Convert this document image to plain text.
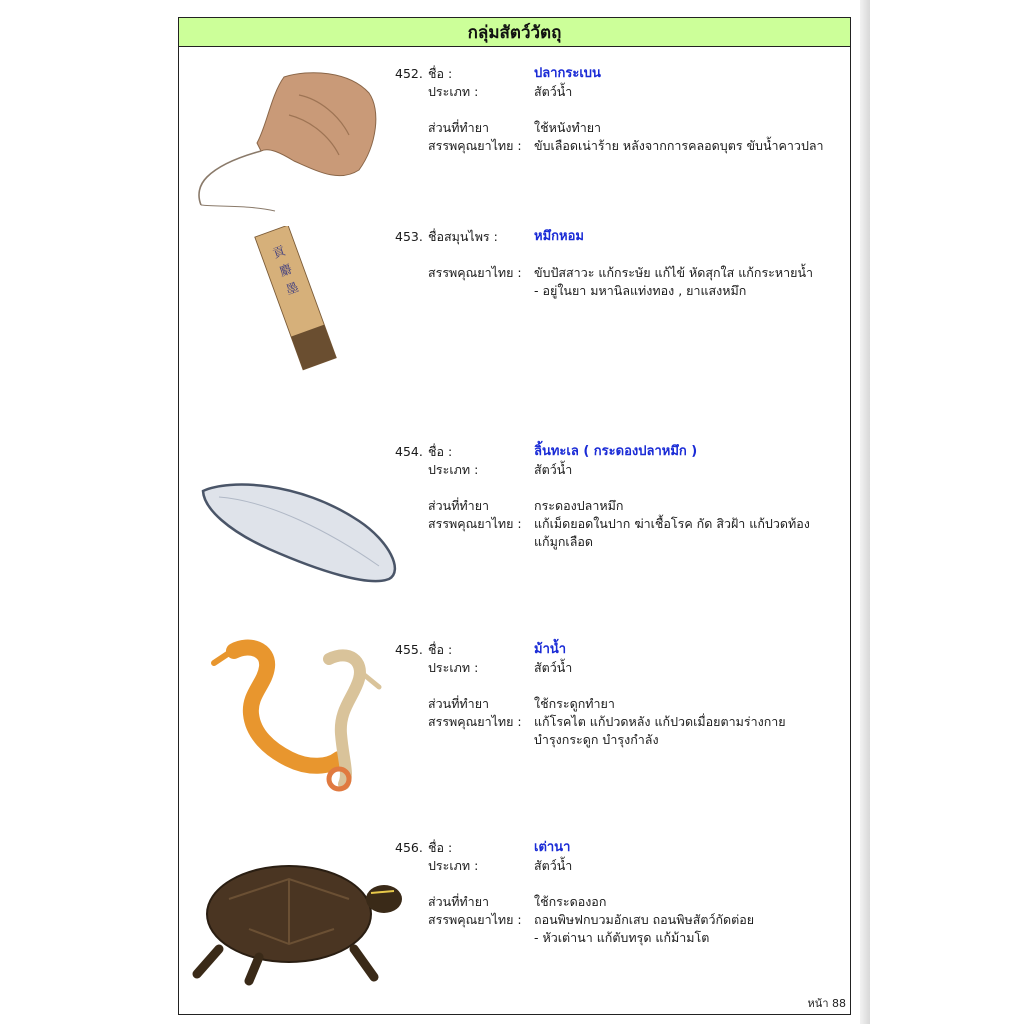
กลุ่มสัตว์วัตถุ
452. ชื่อ :	ปลากระเบน
ประเภท :	สัตว์น้ำ
ส่วนที่ทำยา	ใช้หนังทำยา
สรรพคุณยาไทย : ขับเลือดเน่าร้าย หลังจากการคลอดบุตร ขับน้ำคาวปลา
貢
麝
墨
453. ชื่อสมุนไพร :	หมึกหอม
สรรพคุณยาไทย : ขับปัสสาวะ แก้กระษัย แก้ไข้ หัดสุกใส แก้กระหายน้ำ
- อยู่ในยา มหานิลแท่งทอง , ยาแสงหมึก
454. ชื่อ :	ลิ้นทะเล ( กระดองปลาหมึก )
ประเภท :	สัตว์น้ำ
ส่วนที่ทำยา	กระดองปลาหมึก
สรรพคุณยาไทย : แก้เม็ดยอดในปาก ฆ่าเชื้อโรค กัด สิวฝ้า แก้ปวดท้อง
แก้มูกเลือด
455. ชื่อ :	ม้าน้ำ
ประเภท :	สัตว์น้ำ
ส่วนที่ทำยา	ใช้กระดูกทำยา
สรรพคุณยาไทย : แก้โรคไต แก้ปวดหลัง แก้ปวดเมื่อยตามร่างกาย
บำรุงกระดูก บำรุงกำลัง
456. ชื่อ :	เต่านา
ประเภท :	สัตว์น้ำ
ส่วนที่ทำยา	ใช้กระดองอก
สรรพคุณยาไทย : ถอนพิษฟกบวมอักเสบ ถอนพิษสัตว์กัดต่อย
- หัวเต่านา แก้ตับทรุด แก้ม้ามโต
หน้า 88
